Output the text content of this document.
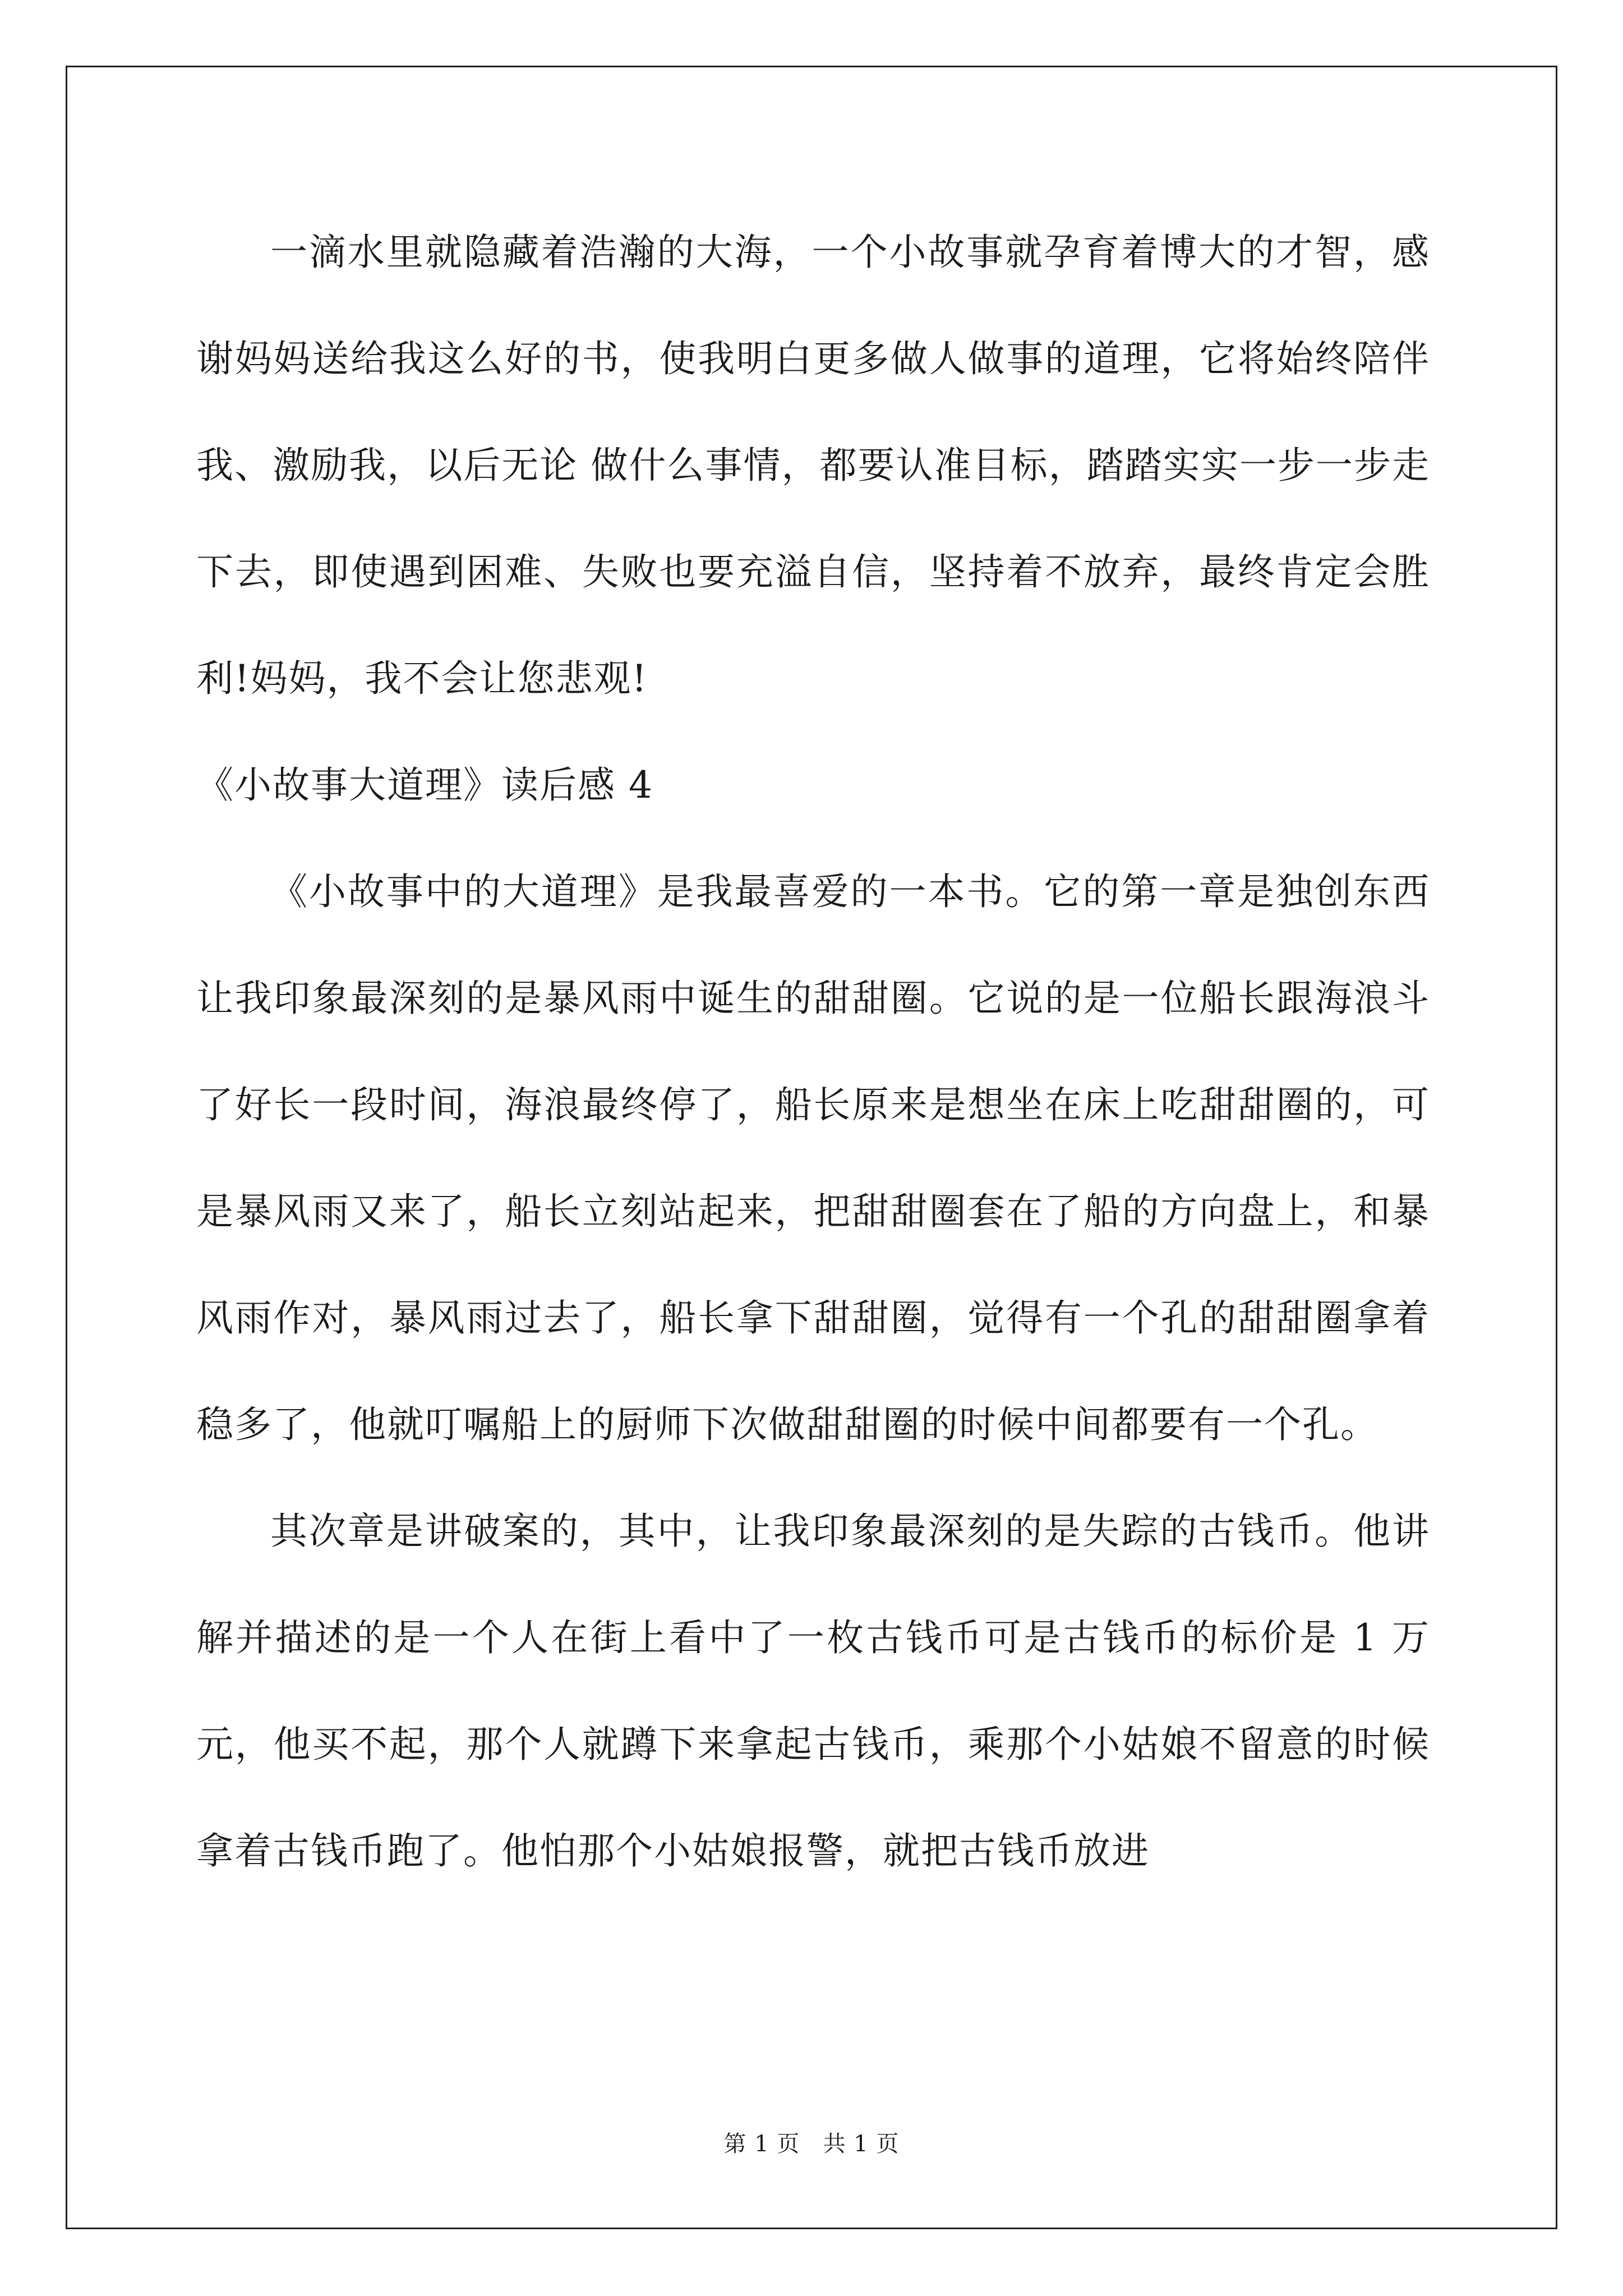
一滴水里就隐藏着浩瀚的大海，一个小故事就孕育着博大的才智，感谢妈妈送给我这么好的书，使我明白更多做人做事的道理，它将始终陪伴我、激励我，以后无论 做什么事情，都要认准目标，踏踏实实一步一步走下去，即使遇到困难、失败也要充溢自信，坚持着不放弃，最终肯定会胜利!妈妈，我不会让您悲观!

《小故事大道理》读后感 4

《小故事中的大道理》是我最喜爱的一本书。它的第一章是独创东西让我印象最深刻的是暴风雨中诞生的甜甜圈。它说的是一位船长跟海浪斗了好长一段时间，海浪最终停了，船长原来是想坐在床上吃甜甜圈的，可是暴风雨又来了，船长立刻站起来，把甜甜圈套在了船的方向盘上，和暴风雨作对，暴风雨过去了，船长拿下甜甜圈，觉得有一个孔的甜甜圈拿着稳多了，他就叮嘱船上的厨师下次做甜甜圈的时候中间都要有一个孔。

其次章是讲破案的，其中，让我印象最深刻的是失踪的古钱币。他讲解并描述的是一个人在街上看中了一枚古钱币可是古钱币的标价是 1 万元，他买不起，那个人就蹲下来拿起古钱币，乘那个小姑娘不留意的时候拿着古钱币跑了。他怕那个小姑娘报警，就把古钱币放进

第 1 页   共 1 页
